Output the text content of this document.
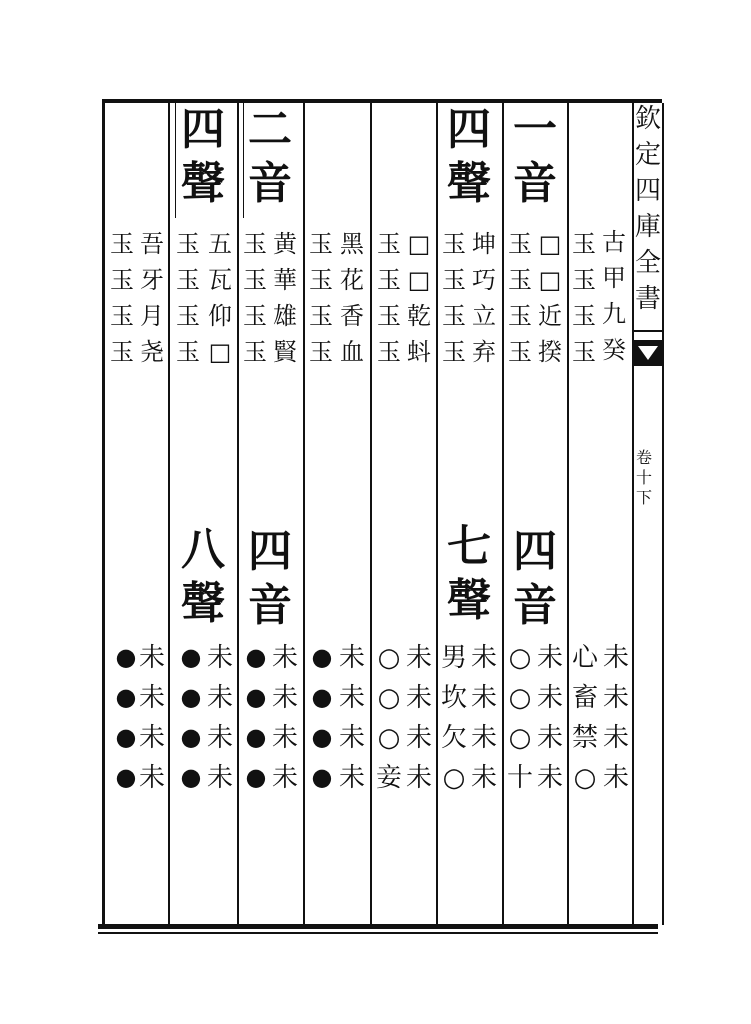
欽
定
四
庫
全
書
卷
十
下
古
甲
九
癸
玉
玉
玉
玉
未
未
未
未
心
畜
禁
○
一
音
□
□
近
揆
玉
玉
玉
玉
四
音
未
未
未
未
○
○
○
十
四
聲
坤
巧
立
弃
玉
玉
玉
玉
七
聲
未
未
未
未
男
坎
欠
○
□
□
乾
蚪
玉
玉
玉
玉
未
未
未
未
○
○
○
妾
黑
花
香
血
玉
玉
玉
玉
未
未
未
未
●
●
●
●
二
音
黄
華
雄
賢
玉
玉
玉
玉
四
音
未
未
未
未
●
●
●
●
四
聲
五
瓦
仰
□
玉
玉
玉
玉
八
聲
未
未
未
未
●
●
●
●
吾
牙
月
尧
玉
玉
玉
玉
未
未
未
未
●
●
●
●
